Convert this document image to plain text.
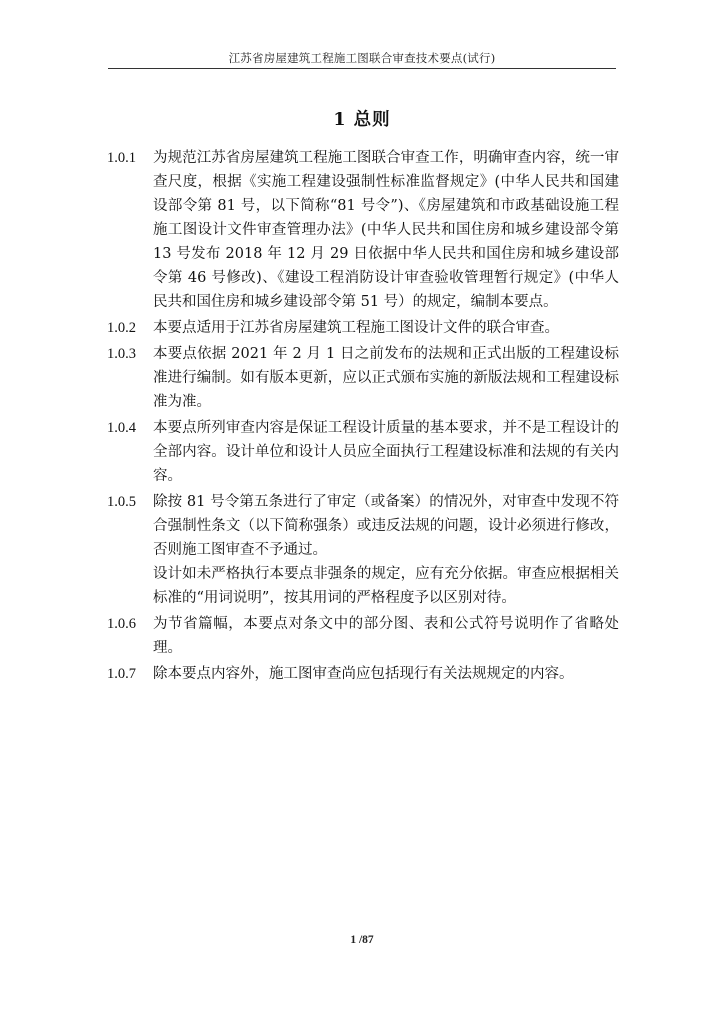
江苏省房屋建筑工程施工图联合审查技术要点(试行)
1 总则
1.0.1	为规范江苏省房屋建筑工程施工图联合审查工作，明确审查内容，统一审查尺度，根据《实施工程建设强制性标准监督规定》(中华人民共和国建设部令第 81 号，以下简称“81 号令”)、《房屋建筑和市政基础设施工程施工图设计文件审查管理办法》(中华人民共和国住房和城乡建设部令第 13 号发布 2018 年 12 月 29 日依据中华人民共和国住房和城乡建设部令第 46 号修改)、《建设工程消防设计审查验收管理暂行规定》(中华人民共和国住房和城乡建设部令第 51 号）的规定，编制本要点。

1.0.2	本要点适用于江苏省房屋建筑工程施工图设计文件的联合审查。

1.0.3	本要点依据 2021 年 2 月 1 日之前发布的法规和正式出版的工程建设标准进行编制。如有版本更新，应以正式颁布实施的新版法规和工程建设标准为准。

1.0.4	本要点所列审查内容是保证工程设计质量的基本要求，并不是工程设计的全部内容。设计单位和设计人员应全面执行工程建设标准和法规的有关内容。

1.0.5	除按 81 号令第五条进行了审定（或备案）的情况外，对审查中发现不符合强制性条文（以下简称强条）或违反法规的问题，设计必须进行修改，否则施工图审查不予通过。

设计如未严格执行本要点非强条的规定，应有充分依据。审查应根据相关标准的“用词说明”，按其用词的严格程度予以区别对待。

1.0.6	为节省篇幅，本要点对条文中的部分图、表和公式符号说明作了省略处理。

1.0.7	除本要点内容外，施工图审查尚应包括现行有关法规规定的内容。

1 /87
